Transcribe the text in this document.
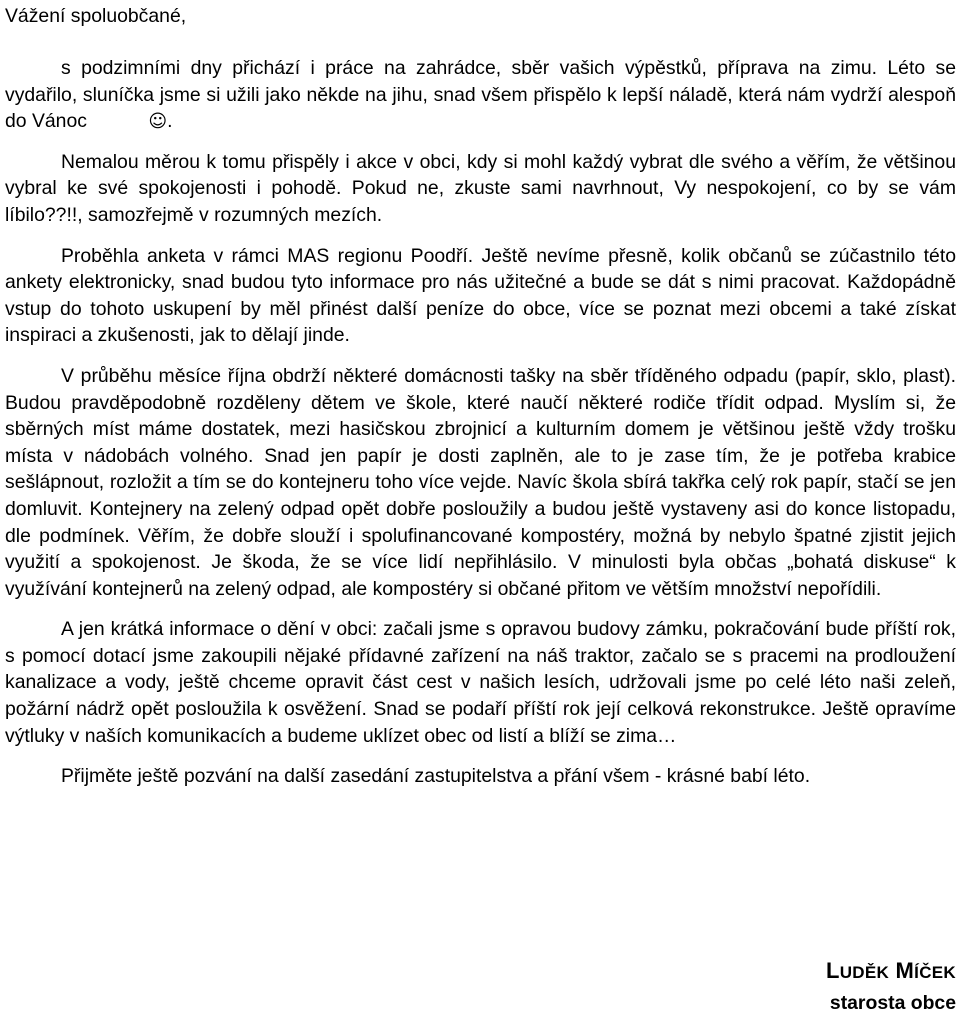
Vážení spoluobčané,

s podzimními dny přichází i práce na zahrádce, sběr vašich výpěstků, příprava na zimu. Léto se vydařilo, sluníčka jsme si užili jako někde na jihu, snad všem přispělo k lepší náladě, která nám vydrží alespoň do Vánoc	☺.

Nemalou měrou k tomu přispěly i akce v obci, kdy si mohl každý vybrat dle svého a věřím, že většinou vybral ke své spokojenosti i pohodě. Pokud ne, zkuste sami navrhnout, Vy nespokojení, co by se vám líbilo??!!, samozřejmě v rozumných mezích.

Proběhla anketa v rámci MAS regionu Poodří. Ještě nevíme přesně, kolik občanů se zúčastnilo této ankety elektronicky, snad budou tyto informace pro nás užitečné a bude se dát s nimi pracovat. Každopádně vstup do tohoto uskupení by měl přinést další peníze do obce, více se poznat mezi obcemi a také získat inspiraci a zkušenosti, jak to dělají jinde.

V průběhu měsíce října obdrží některé domácnosti tašky na sběr tříděného odpadu (papír, sklo, plast). Budou pravděpodobně rozděleny dětem ve škole, které naučí některé rodiče třídit odpad. Myslím si, že sběrných míst máme dostatek, mezi hasičskou zbrojnicí a kulturním domem je většinou ještě vždy trošku místa v nádobách volného. Snad jen papír je dosti zaplněn, ale to je zase tím, že je potřeba krabice sešlápnout, rozložit a tím se do kontejneru toho více vejde. Navíc škola sbírá takřka celý rok papír, stačí se jen domluvit. Kontejnery na zelený odpad opět dobře posloužily a budou ještě vystaveny asi do konce listopadu, dle podmínek. Věřím, že dobře slouží i spolufinancované kompostéry, možná by nebylo špatné zjistit jejich využití a spokojenost. Je škoda, že se více lidí nepřihlásilo. V minulosti byla občas „bohatá diskuse“ k využívání kontejnerů na zelený odpad, ale kompostéry si občané přitom ve větším množství nepořídili.

A jen krátká informace o dění v obci: začali jsme s opravou budovy zámku, pokračování bude příští rok, s pomocí dotací jsme zakoupili nějaké přídavné zařízení na náš traktor, začalo se s pracemi na prodloužení kanalizace a vody, ještě chceme opravit část cest v našich lesích, udržovali jsme po celé léto naši zeleň, požární nádrž opět posloužila k osvěžení. Snad se podaří příští rok její celková rekonstrukce. Ještě opravíme výtluky v naších komunikacích a budeme uklízet obec od listí a blíží se zima…

Přijměte ještě pozvání na další zasedání zastupitelstva a přání všem - krásné babí léto.

LUDĚK MÍČEK
starosta obce
